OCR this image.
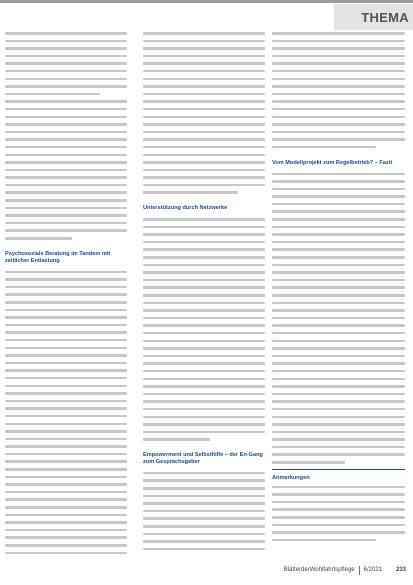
THEMA
Psychosoziale Beratung im Tandem mit zeitlicher Entlastung
Unterstützung durch Netzwerke
Empowerment und Selbsthilfe – der En-Gang zum Gesprächsgeber
Vom Modellprojekt zum Regelbetrieb? – Fazit
Anmerkungen
BlätterderWohlfahrtspflege 6/2021 233
